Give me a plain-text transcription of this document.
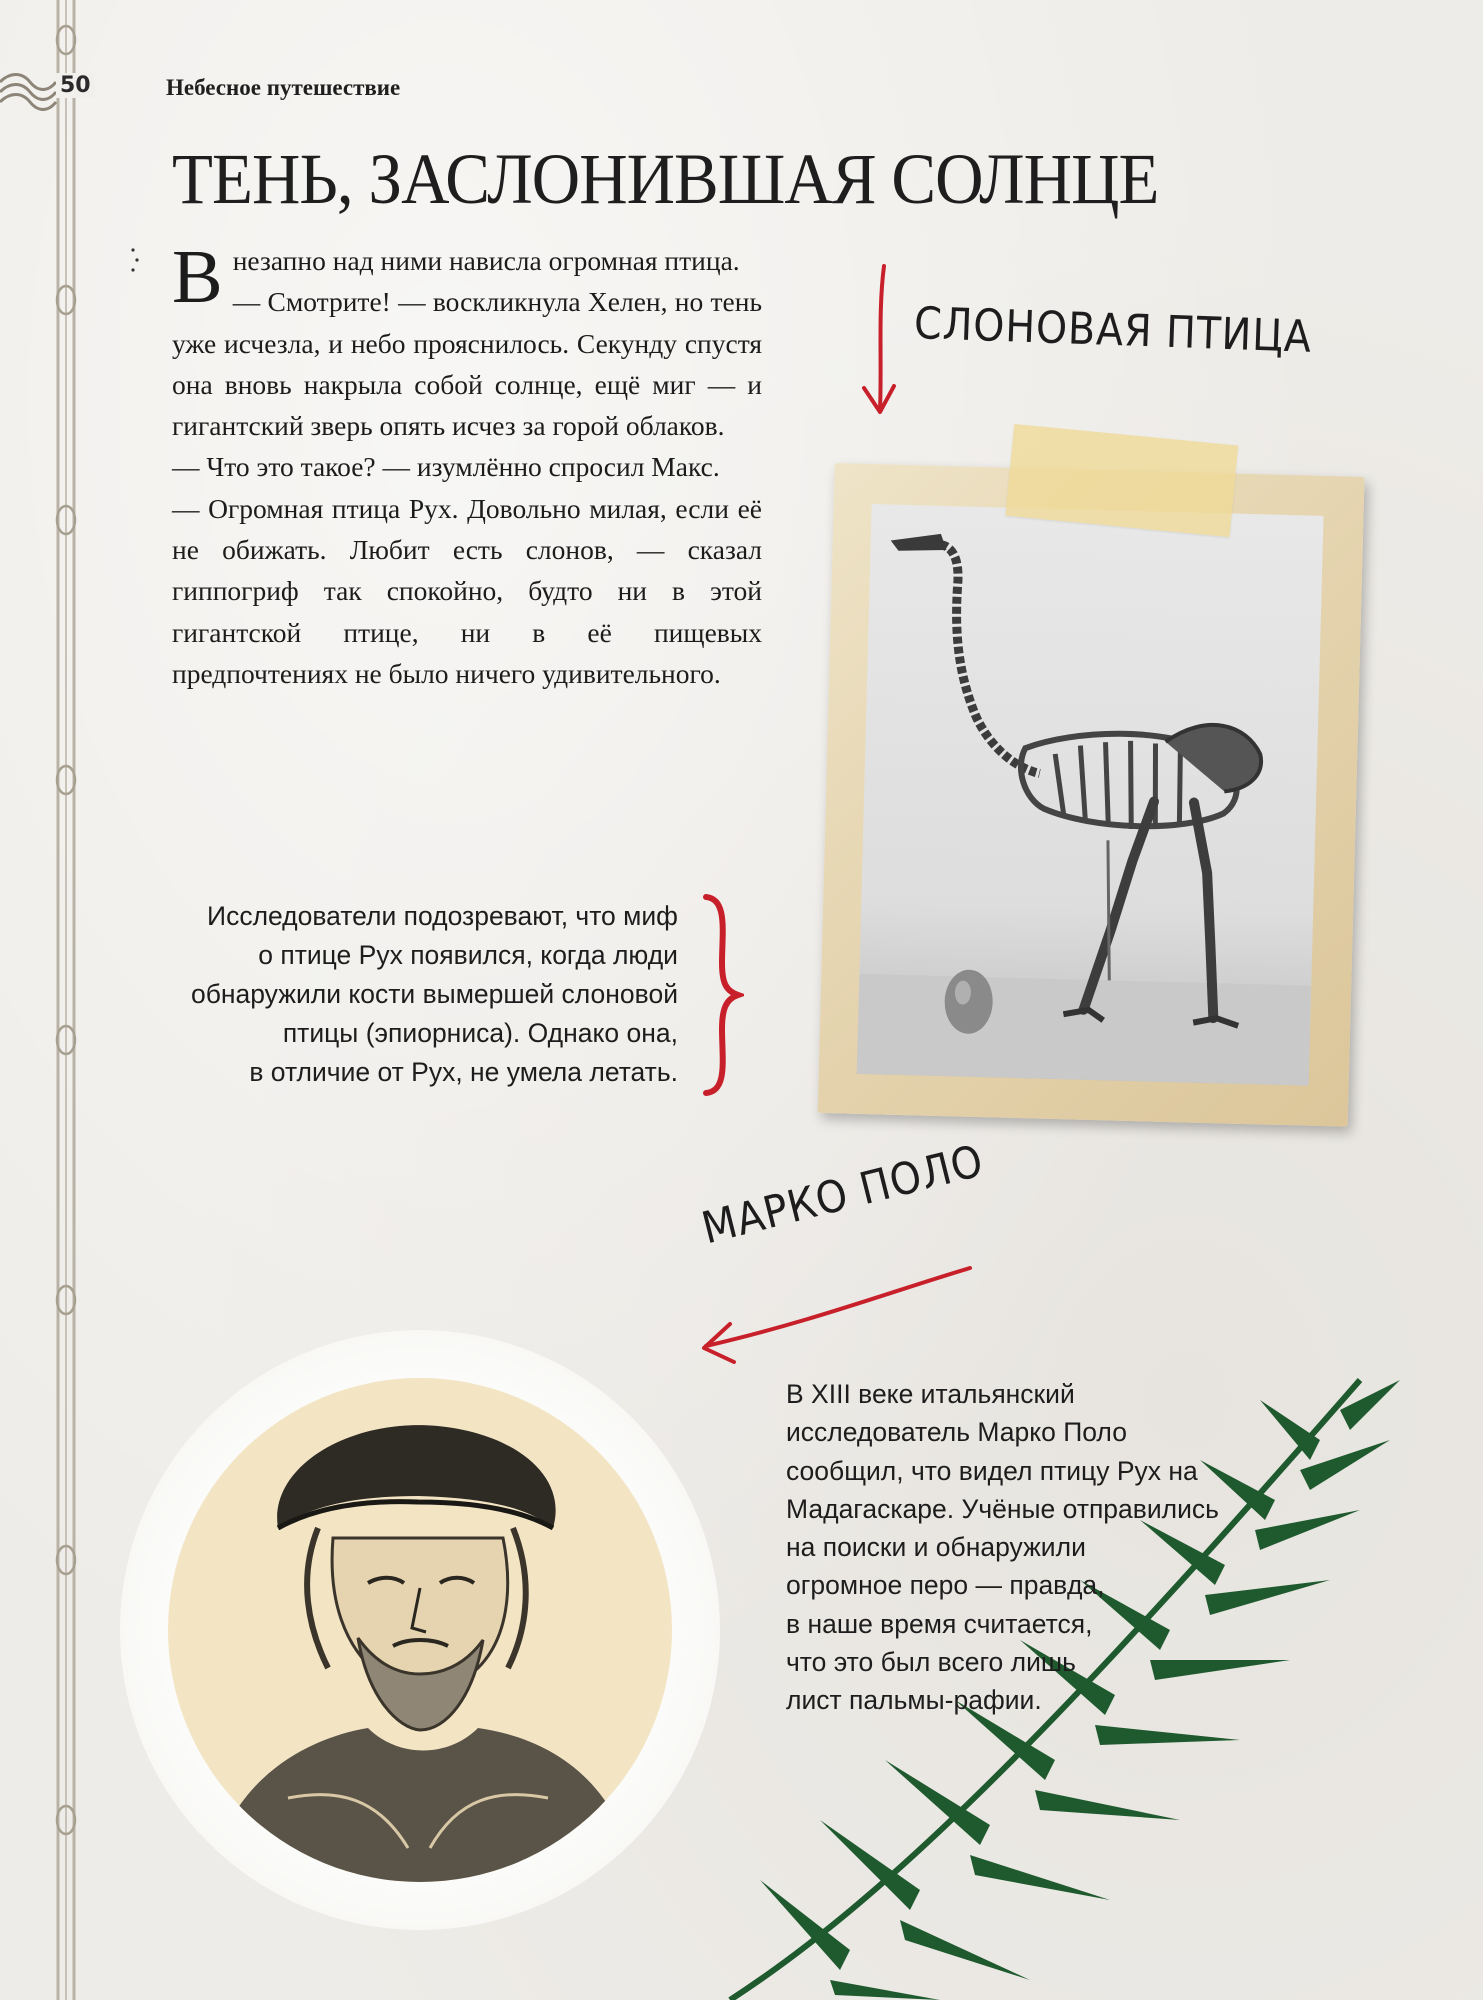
50	Небесное путешествие
ТЕНЬ, ЗАСЛОНИВШАЯ СОЛНЦЕ

Внезапно над ними нависла огромная птица.

— Смотрите! — воскликнула Хелен, но тень уже исчезла, и небо прояснилось. Секунду спустя она вновь накрыла собой солнце, ещё миг — и гигантский зверь опять исчез за горой облаков.

— Что это такое? — изумлённо спросил Макс.

— Огромная птица Рух. Довольно милая, если её не обижать. Любит есть слонов, — сказал гиппогриф так спокойно, будто ни в этой гигантской птице, ни в её пищевых предпочтениях не было ничего удивительного.

Исследователи подозревают, что миф
о птице Рух появился, когда люди
обнаружили кости вымершей слоновой
птицы (эпиорниса). Однако она,
в отличие от Рух, не умела летать.
СЛОНОВАЯ ПТИЦА
МАРКО ПОЛО
В XIII веке итальянский
исследователь Марко Поло
сообщил, что видел птицу Рух на
Мадагаскаре. Учёные отправились
на поиски и обнаружили
огромное перо — правда,
в наше время считается,
что это был всего лишь
лист пальмы-рафии.
